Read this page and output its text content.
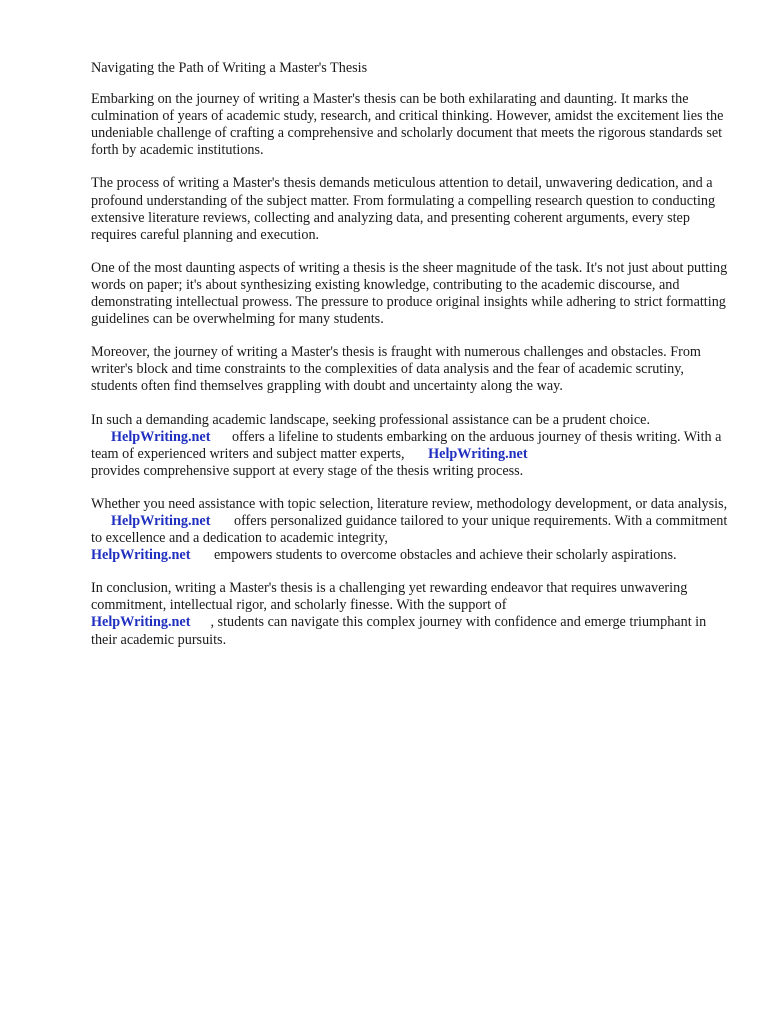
Navigating the Path of Writing a Master's Thesis

Embarking on the journey of writing a Master's thesis can be both exhilarating and daunting. It marks the culmination of years of academic study, research, and critical thinking. However, amidst the excitement lies the undeniable challenge of crafting a comprehensive and scholarly document that meets the rigorous standards set forth by academic institutions.

The process of writing a Master's thesis demands meticulous attention to detail, unwavering dedication, and a profound understanding of the subject matter. From formulating a compelling research question to conducting extensive literature reviews, collecting and analyzing data, and presenting coherent arguments, every step requires careful planning and execution.

One of the most daunting aspects of writing a thesis is the sheer magnitude of the task. It's not just about putting words on paper; it's about synthesizing existing knowledge, contributing to the academic discourse, and demonstrating intellectual prowess. The pressure to produce original insights while adhering to strict formatting guidelines can be overwhelming for many students.

Moreover, the journey of writing a Master's thesis is fraught with numerous challenges and obstacles. From writer's block and time constraints to the complexities of data analysis and the fear of academic scrutiny, students often find themselves grappling with doubt and uncertainty along the way.

In such a demanding academic landscape, seeking professional assistance can be a prudent choice.
HelpWriting.net offers a lifeline to students embarking on the arduous journey of thesis writing. With a team of experienced writers and subject matter experts, HelpWriting.net
provides comprehensive support at every stage of the thesis writing process.

Whether you need assistance with topic selection, literature review, methodology development, or data analysis, HelpWriting.net offers personalized guidance tailored to your unique requirements. With a commitment to excellence and a dedication to academic integrity,
HelpWriting.net empowers students to overcome obstacles and achieve their scholarly aspirations.

In conclusion, writing a Master's thesis is a challenging yet rewarding endeavor that requires unwavering commitment, intellectual rigor, and scholarly finesse. With the support of
HelpWriting.net , students can navigate this complex journey with confidence and emerge triumphant in their academic pursuits.
